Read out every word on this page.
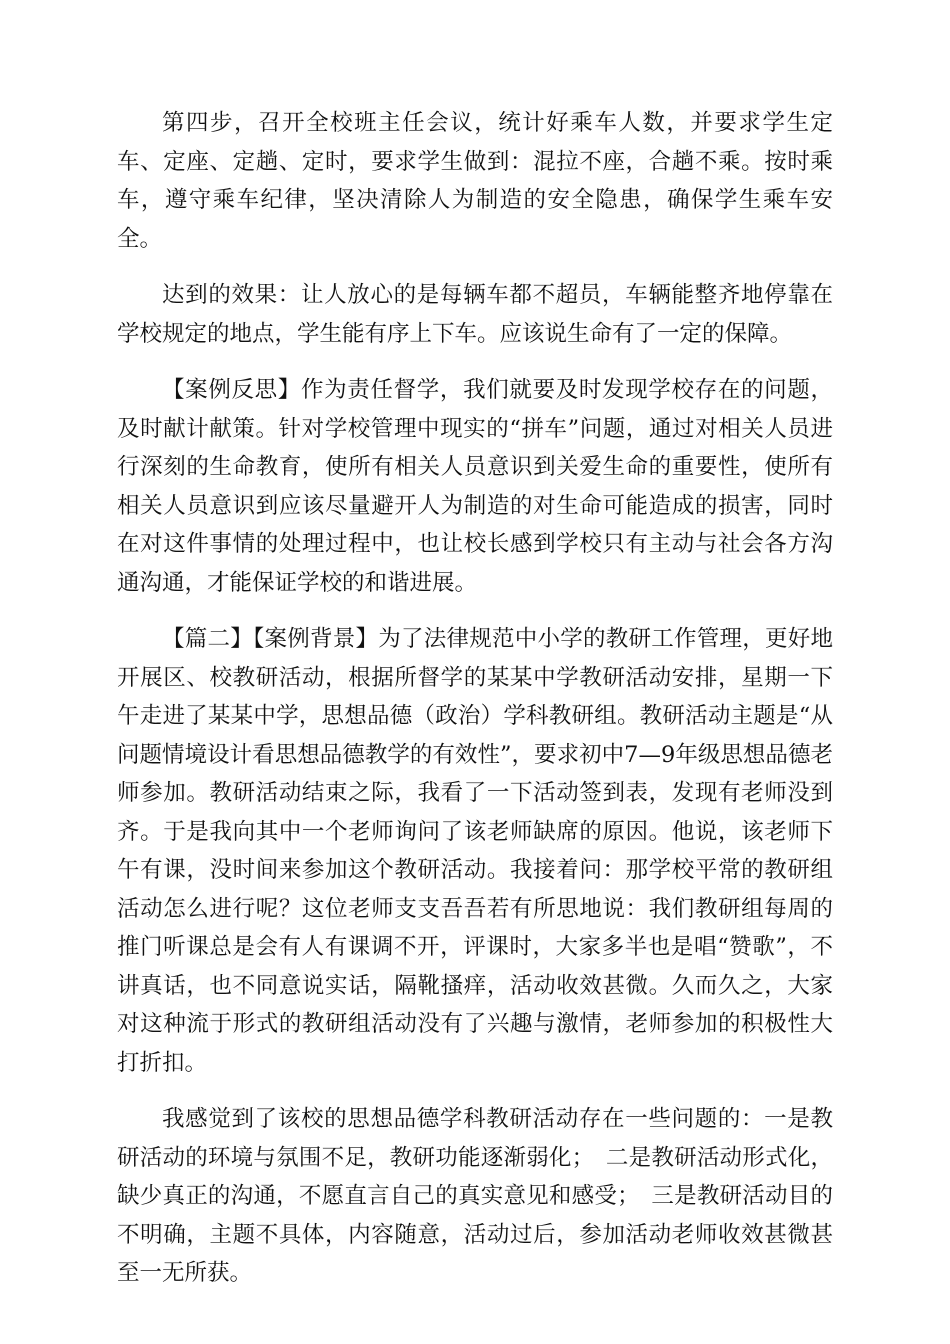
第四步，召开全校班主任会议，统计好乘车人数，并要求学生定车、定座、定趟、定时，要求学生做到：混拉不座，合趟不乘。按时乘车，遵守乘车纪律，坚决清除人为制造的安全隐患，确保学生乘车安全。

达到的效果：让人放心的是每辆车都不超员，车辆能整齐地停靠在学校规定的地点，学生能有序上下车。应该说生命有了一定的保障。

【案例反思】作为责任督学，我们就要及时发现学校存在的问题，及时献计献策。针对学校管理中现实的“拼车”问题，通过对相关人员进行深刻的生命教育，使所有相关人员意识到关爱生命的重要性，使所有相关人员意识到应该尽量避开人为制造的对生命可能造成的损害，同时在对这件事情的处理过程中，也让校长感到学校只有主动与社会各方沟通沟通，才能保证学校的和谐进展。

【篇二】【案例背景】为了法律规范中小学的教研工作管理，更好地开展区、校教研活动，根据所督学的某某中学教研活动安排，星期一下午走进了某某中学，思想品德（政治）学科教研组。教研活动主题是“从问题情境设计看思想品德教学的有效性”，要求初中7—9年级思想品德老师参加。教研活动结束之际，我看了一下活动签到表，发现有老师没到齐。于是我向其中一个老师询问了该老师缺席的原因。他说，该老师下午有课，没时间来参加这个教研活动。我接着问：那学校平常的教研组活动怎么进行呢？这位老师支支吾吾若有所思地说：我们教研组每周的推门听课总是会有人有课调不开，评课时，大家多半也是唱“赞歌”，不讲真话，也不同意说实话，隔靴搔痒，活动收效甚微。久而久之，大家对这种流于形式的教研组活动没有了兴趣与激情，老师参加的积极性大打折扣。

我感觉到了该校的思想品德学科教研活动存在一些问题的：一是教研活动的环境与氛围不足，教研功能逐渐弱化；　二是教研活动形式化，缺少真正的沟通，不愿直言自己的真实意见和感受；　三是教研活动目的不明确，主题不具体，内容随意，活动过后，参加活动老师收效甚微甚至一无所获。
